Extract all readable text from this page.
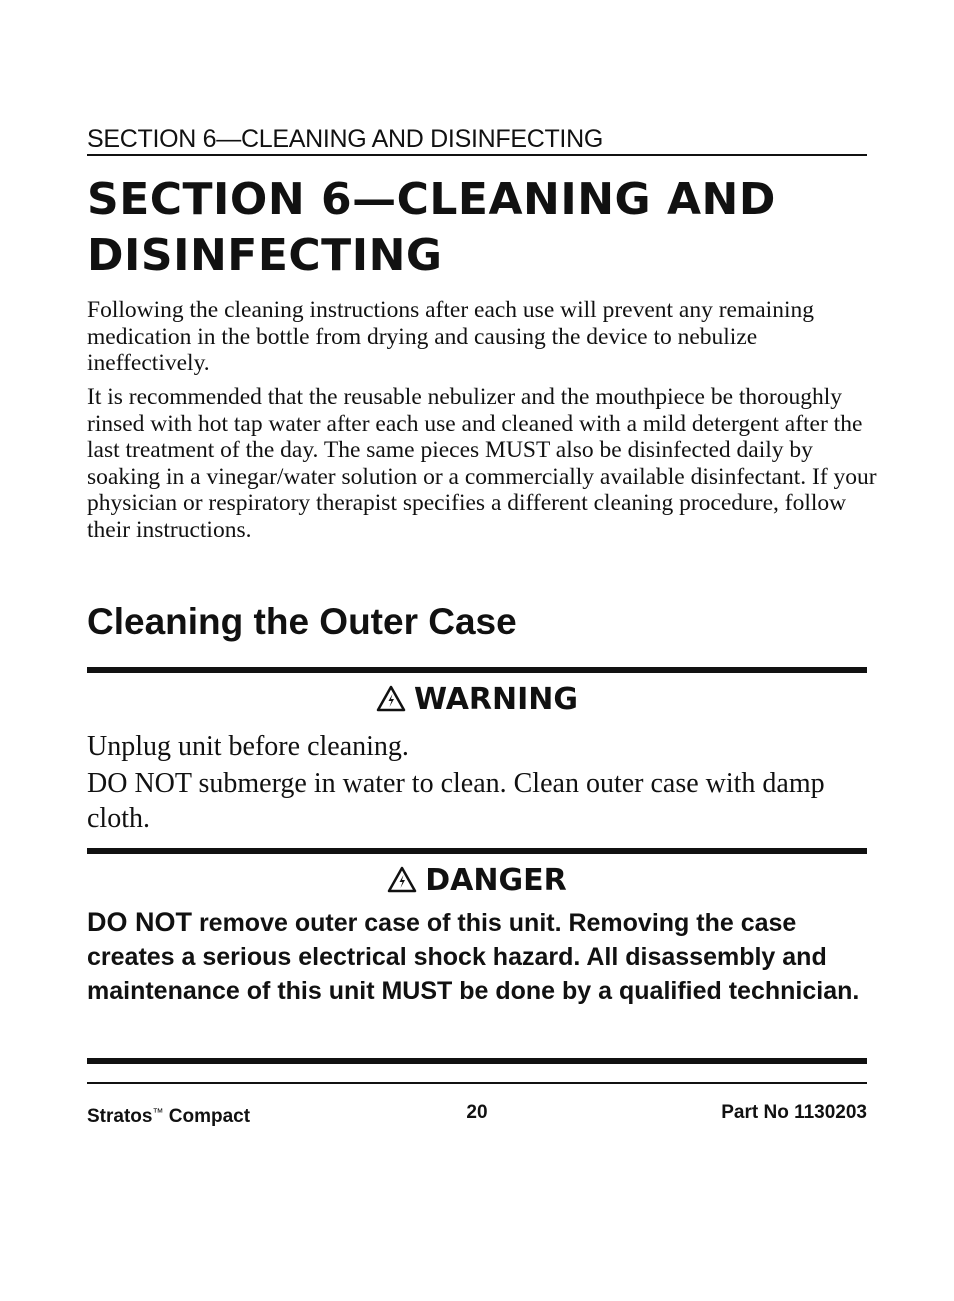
SECTION 6—CLEANING AND DISINFECTING
SECTION 6—CLEANING AND
DISINFECTING

Following the cleaning instructions after each use will prevent any remaining medication in the bottle from drying and causing the device to nebulize ineffectively.

It is recommended that the reusable nebulizer and the mouthpiece be thoroughly rinsed with hot tap water after each use and cleaned with a mild detergent after the last treatment of the day. The same pieces MUST also be disinfected daily by soaking in a vinegar/water solution or a commercially available disinfectant. If your physician or respiratory therapist specifies a different cleaning procedure, follow their instructions.

Cleaning the Outer Case
WARNING

Unplug unit before cleaning.

DO NOT submerge in water to clean. Clean outer case with damp cloth.

DANGER

DO NOT remove outer case of this unit. Removing the case creates a serious electrical shock hazard. All disassembly and maintenance of this unit MUST be done by a qualified technician.

Stratos™ Compact	20	Part No 1130203
